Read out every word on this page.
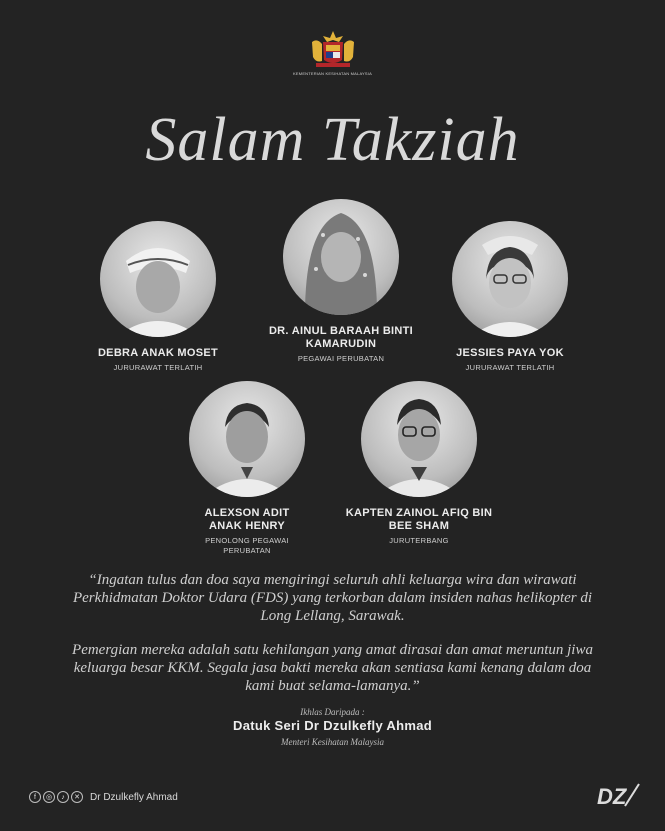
KEMENTERIAN KESIHATAN MALAYSIA
Salam Takziah
DEBRA ANAK MOSET
JURURAWAT TERLATIH
DR. AINUL BARAAH BINTI KAMARUDIN
PEGAWAI PERUBATAN	JESSIES PAYA YOK
JURURAWAT TERLATIH
ALEXSON ADIT ANAK HENRY
PENOLONG PEGAWAI PERUBATAN
KAPTEN ZAINOL AFIQ BIN BEE SHAM
JURUTERBANG
“Ingatan tulus dan doa saya mengiringi seluruh ahli keluarga wira dan wirawati Perkhidmatan Doktor Udara (FDS) yang terkorban dalam insiden nahas helikopter di Long Lellang, Sarawak.
Pemergian mereka adalah satu kehilangan yang amat dirasai dan amat meruntun jiwa keluarga besar KKM. Segala jasa bakti mereka akan sentiasa kami kenang dalam doa kami buat selama-lamanya.”
Ikhlas Daripada :
Datuk Seri Dr Dzulkefly Ahmad
Menteri Kesihatan Malaysia
f	◎	♪	✕	Dr Dzulkefly Ahmad	DZ
